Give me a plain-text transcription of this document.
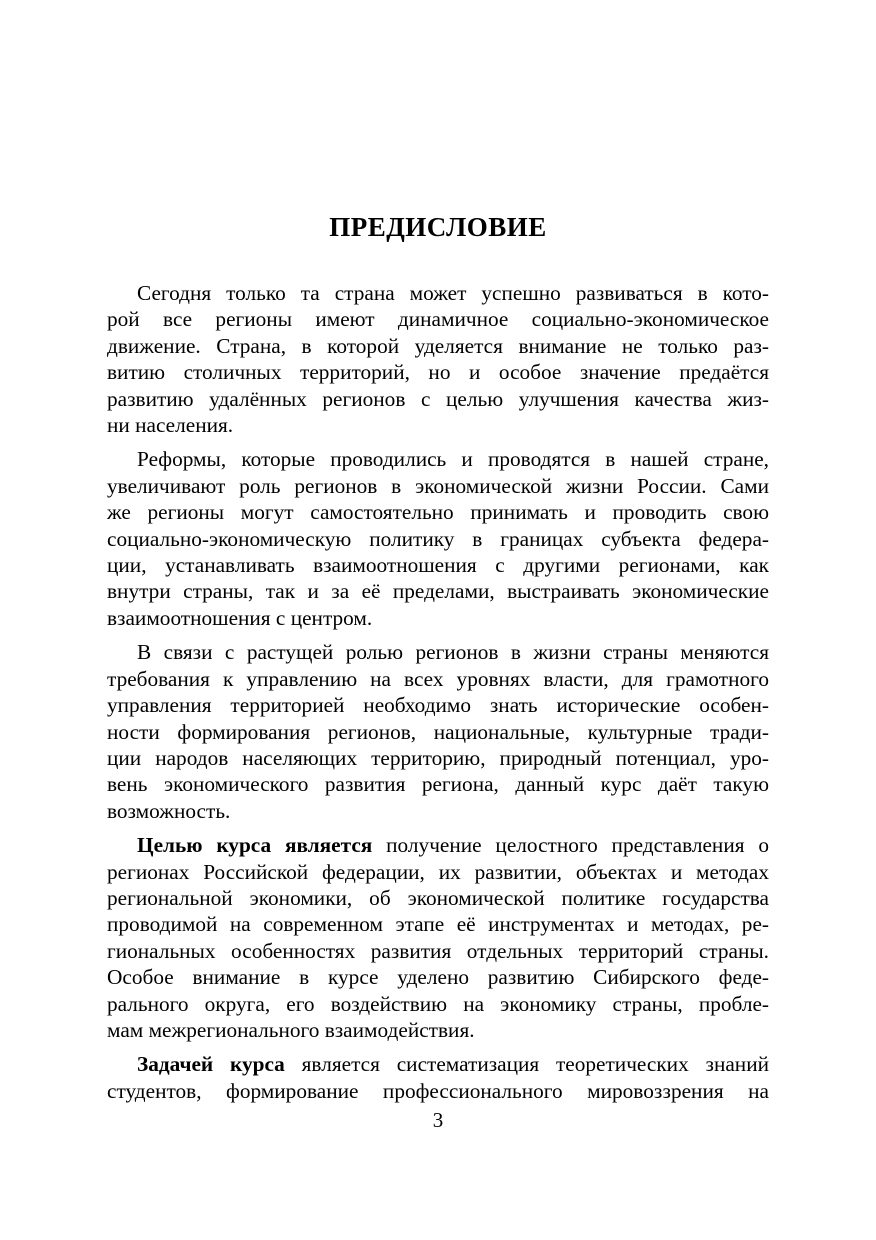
ПРЕДИСЛОВИЕ
Сегодня только та страна может успешно развиваться в кото-
рой все регионы имеют динамичное социально-экономическое
движение. Страна, в которой уделяется внимание не только раз-
витию столичных территорий, но и особое значение предаётся
развитию удалённых регионов с целью улучшения качества жиз-
ни населения.
Реформы, которые проводились и проводятся в нашей стране,
увеличивают роль регионов в экономической жизни России. Сами
же регионы могут самостоятельно принимать и проводить свою
социально-экономическую политику в границах субъекта федера-
ции, устанавливать взаимоотношения с другими регионами, как
внутри страны, так и за её пределами, выстраивать экономические
взаимоотношения с центром.
В связи с растущей ролью регионов в жизни страны меняются
требования к управлению на всех уровнях власти, для грамотного
управления территорией необходимо знать исторические особен-
ности формирования регионов, национальные, культурные тради-
ции народов населяющих территорию, природный потенциал, уро-
вень экономического развития региона, данный курс даёт такую
возможность.
Целью курса является получение целостного представления о
регионах Российской федерации, их развитии, объектах и методах
региональной экономики, об экономической политике государства
проводимой на современном этапе её инструментах и методах, ре-
гиональных особенностях развития отдельных территорий страны.
Особое внимание в курсе уделено развитию Сибирского феде-
рального округа, его воздействию на экономику страны, пробле-
мам межрегионального взаимодействия.
Задачей курса является систематизация теоретических знаний
студентов, формирование профессионального мировоззрения на
3
